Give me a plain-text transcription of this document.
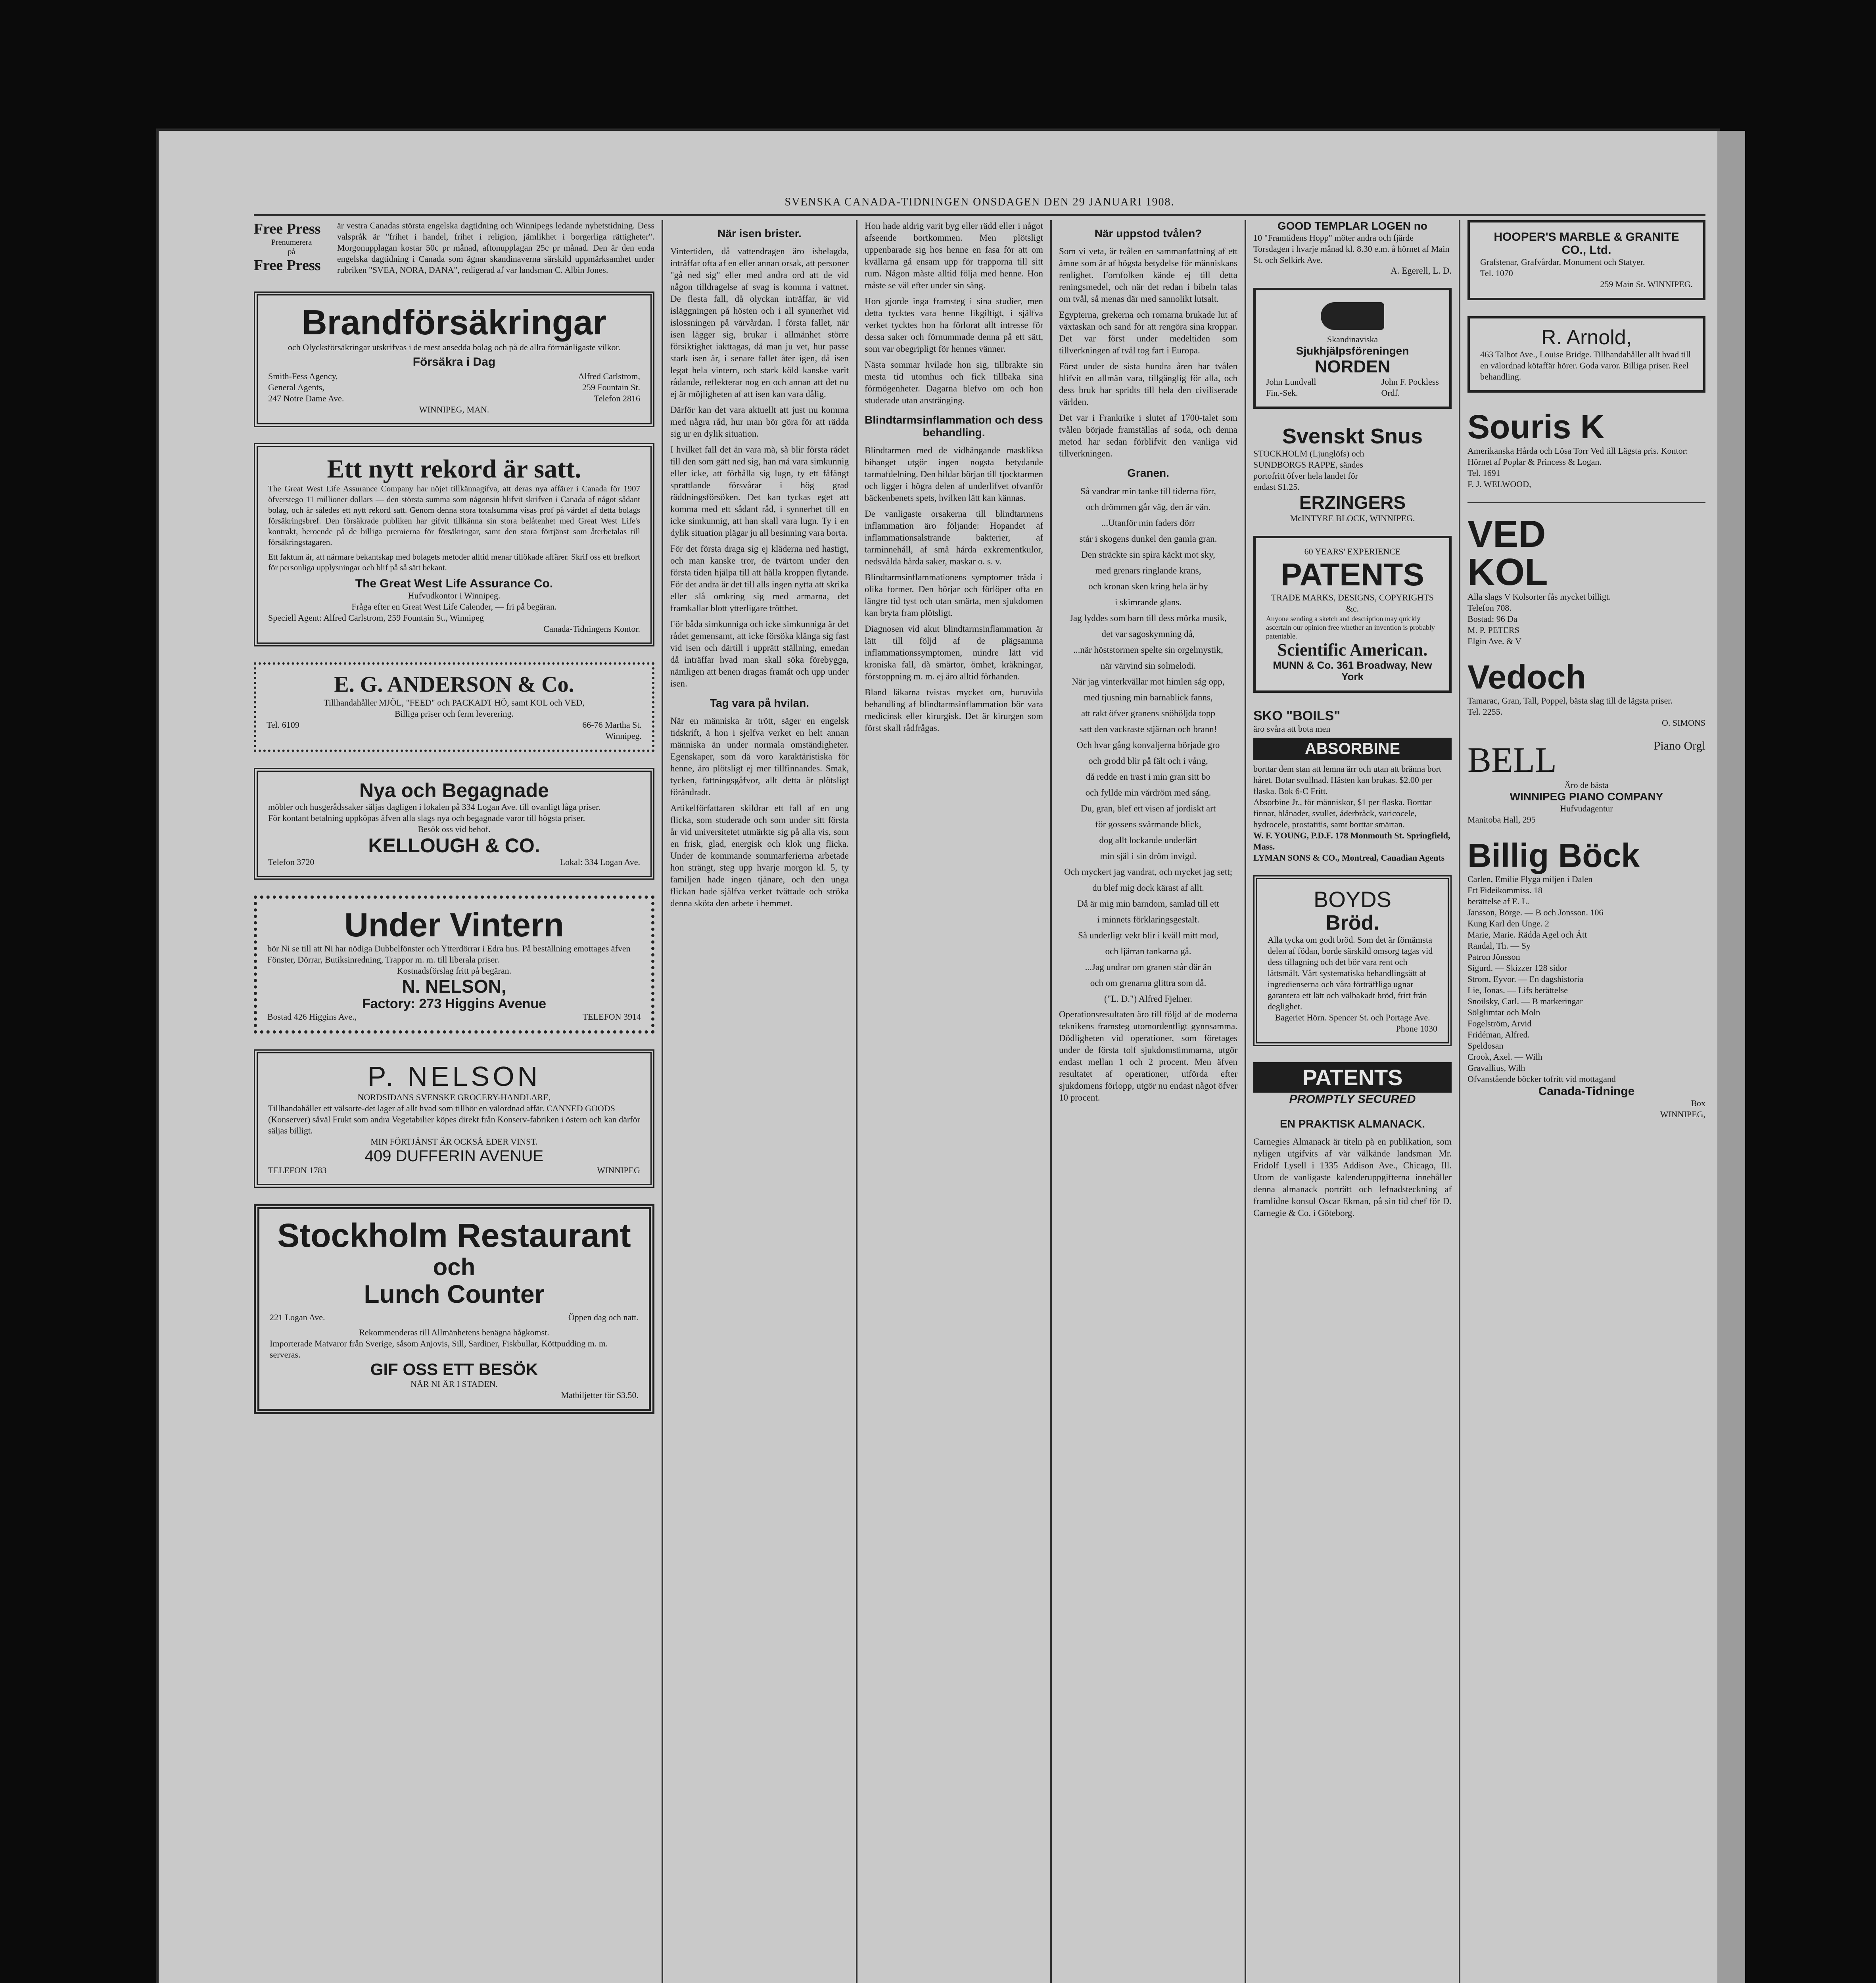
SVENSKA CANADA-TIDNINGEN ONSDAGEN DEN 29 JANUARI 1908.
Free Press
Prenumerera
på
Free Press
är vestra Canadas största engelska dagtidning och Winnipegs ledande nyhetstidning. Dess valspråk är "frihet i handel, frihet i religion, jämlikhet i borgerliga rättigheter". Morgonupplagan kostar 50c pr månad, aftonupplagan 25c pr månad. Den är den enda engelska dagtidning i Canada som ägnar skandinaverna särskild uppmärksamhet under rubriken "SVEA, NORA, DANA", redigerad af var landsman C. Albin Jones.
Brandförsäkringar
och Olycksförsäkringar utskrifvas i de mest ansedda bolag och på de allra förmånligaste vilkor.
Försäkra i Dag
Smith-Fess Agency,
General Agents,
247 Notre Dame Ave.
Alfred Carlstrom,
259 Fountain St.
Telefon 2816
WINNIPEG, MAN.
Ett nytt rekord är satt.

The Great West Life Assurance Company har nöjet tillkännagifva, att deras nya affärer i Canada för 1907 öfverstego 11 millioner dollars — den största summa som någonsin blifvit skrifven i Canada af något sådant bolag, och är således ett nytt rekord satt. Genom denna stora totalsumma visas prof på värdet af detta bolags försäkringsbref. Den försäkrade publiken har gifvit tillkänna sin stora belåtenhet med Great West Life's kontrakt, beroende på de billiga premierna för försäkringar, samt den stora förtjänst som återbetalas till försäkringstagaren.

Ett faktum är, att närmare bekantskap med bolagets metoder alltid menar tillökade affärer. Skrif oss ett brefkort för personliga upplysningar och blif på så sätt bekant.

The Great West Life Assurance Co.
Hufvudkontor i Winnipeg.
Fråga efter en Great West Life Calender, — fri på begäran.
Speciell Agent: Alfred Carlstrom, 259 Fountain St., Winnipeg
Canada-Tidningens Kontor.
E. G. ANDERSON & Co.
Tillhandahåller MJÖL, "FEED" och PACKADT HÖ, samt KOL och VED,
Billiga priser och ferm leverering.
Tel. 6109	66-76 Martha St.
Winnipeg.
Nya och Begagnade
möbler och husgerådssaker säljas dagligen i lokalen på 334 Logan Ave. till ovanligt låga priser.
För kontant betalning uppköpas äfven alla slags nya och begagnade varor till högsta priser.
Besök oss vid behof.
KELLOUGH & CO.
Telefon 3720	Lokal: 334 Logan Ave.
Under Vintern
bör Ni se till att Ni har nödiga Dubbelfönster och Ytterdörrar i Edra hus. På beställning emottages äfven Fönster, Dörrar, Butiksinredning, Trappor m. m. till liberala priser.
Kostnadsförslag fritt på begäran.
N. NELSON,
Factory: 273 Higgins Avenue
Bostad 426 Higgins Ave.,	TELEFON 3914
P. NELSON
NORDSIDANS SVENSKE GROCERY-HANDLARE,
Tillhandahåller ett välsorte-det lager af allt hvad som tillhör en välordnad affär. CANNED GOODS (Konserver) såväl Frukt som andra Vegetabilier köpes direkt från Konserv-fabriken i östern och kan därför säljas billigt.
MIN FÖRTJÄNST ÄR OCKSÅ EDER VINST.
409 DUFFERIN AVENUE
TELEFON 1783	WINNIPEG
Stockholm Restaurant
och
Lunch Counter
221 Logan Ave.	Öppen dag och natt.
Rekommenderas till Allmänhetens benägna hågkomst.
Importerade Matvaror från Sverige, såsom Anjovis, Sill, Sardiner, Fiskbullar, Köttpudding m. m. serveras.
GIF OSS ETT BESÖK
NÄR NI ÄR I STADEN.
Matbiljetter för $3.50.
När isen brister.

Vintertiden, då vattendragen äro isbelagda, inträffar ofta af en eller annan orsak, att personer "gå ned sig" eller med andra ord att de vid någon tilldragelse af svag is komma i vattnet. De flesta fall, då olyckan inträffar, är vid isläggningen på hösten och i all synnerhet vid islossningen på vårvårdan. I första fallet, när isen lägger sig, brukar i allmänhet större försiktighet iakttagas, då man ju vet, hur passe stark isen är, i senare fallet åter igen, då isen legat hela vintern, och stark köld kanske varit rådande, reflekterar nog en och annan att det nu ej är möjligheten af att isen kan vara dålig.

Därför kan det vara aktuellt att just nu komma med några råd, hur man bör göra för att rädda sig ur en dylik situation.

I hvilket fall det än vara må, så blir första rådet till den som gått ned sig, han må vara simkunnig eller icke, att förhålla sig lugn, ty ett fåfängt sprattlande försvårar i hög grad räddningsförsöken. Det kan tyckas eget att komma med ett sådant råd, i synnerhet till en icke simkunnig, att han skall vara lugn. Ty i en dylik situation plägar ju all besinning vara borta.

För det första draga sig ej kläderna ned hastigt, och man kanske tror, de tvärtom under den första tiden hjälpa till att hålla kroppen flytande. För det andra är det till alls ingen nytta att skrika eller slå omkring sig med armarna, det framkallar blott ytterligare trötthet.

För båda simkunniga och icke simkunniga är det rådet gemensamt, att icke försöka klänga sig fast vid isen och därtill i upprätt ställning, emedan då inträffar hvad man skall söka förebygga, nämligen att benen dragas framåt och upp under isen.

Tag vara på hvilan.

När en människa är trött, säger en engelsk tidskrift, ä hon i sjelfva verket en helt annan människa än under normala omständigheter. Egenskaper, som då voro karaktäristiska för henne, äro plötsligt ej mer tillfinnandes. Smak, tycken, fattningsgåfvor, allt detta är plötsligt förändradt.

Artikelförfattaren skildrar ett fall af en ung flicka, som studerade och som under sitt första år vid universitetet utmärkte sig på alla vis, som en frisk, glad, energisk och klok ung flicka. Under de kommande sommarferierna arbetade hon strängt, steg upp hvarje morgon kl. 5, ty familjen hade ingen tjänare, och den unga flickan hade själfva verket tvättade och ströka denna sköta den arbete i hemmet.

Hon hade aldrig varit byg eller rädd eller i något afseende bortkommen. Men plötsligt uppenbarade sig hos henne en fasa för att om kvällarna gå ensam upp för trapporna till sitt rum. Någon måste alltid följa med henne. Hon måste se väl efter under sin säng.

Hon gjorde inga framsteg i sina studier, men detta tycktes vara henne likgiltigt, i själfva verket tycktes hon ha förlorat allt intresse för dessa saker och förnummade denna på ett sätt, som var obegripligt för hennes vänner.

Nästa sommar hvilade hon sig, tillbrakte sin mesta tid utomhus och fick tillbaka sina förmögenheter. Dagarna blefvo om och hon studerade utan anstränging.

Blindtarmsinflammation och dess behandling.

Blindtarmen med de vidhängande maskliksa bihanget utgör ingen nogsta betydande tarmafdelning. Den bildar början till tjocktarmen och ligger i högra delen af underlifvet ofvanför bäckenbenets spets, hvilken lätt kan kännas.

De vanligaste orsakerna till blindtarmens inflammation äro följande: Hopandet af inflammationsalstrande bakterier, af tarminnehåll, af små hårda exkrementkulor, nedsvälda hårda saker, maskar o. s. v.

Blindtarmsinflammationens symptomer träda i olika former. Den börjar och förlöper ofta en längre tid tyst och utan smärta, men sjukdomen kan bryta fram plötsligt.

Diagnosen vid akut blindtarmsinflammation är lätt till följd af de plägsamma inflammationssymptomen, mindre lätt vid kroniska fall, då smärtor, ömhet, kräkningar, förstoppning m. m. ej äro alltid förhanden.

Bland läkarna tvistas mycket om, huruvida behandling af blindtarmsinflammation bör vara medicinsk eller kirurgisk. Det är kirurgen som först skall rådfrågas.

När uppstod tvålen?

Som vi veta, är tvålen en sammanfattning af ett ämne som är af högsta betydelse för människans renlighet. Fornfolken kände ej till detta reningsmedel, och när det redan i bibeln talas om tvål, så menas där med sannolikt lutsalt.

Egypterna, grekerna och romarna brukade lut af växtaskan och sand för att rengöra sina kroppar. Det var först under medeltiden som tillverkningen af tvål tog fart i Europa.

Först under de sista hundra åren har tvålen blifvit en allmän vara, tillgänglig för alla, och dess bruk har spridts till hela den civiliserade världen.

Det var i Frankrike i slutet af 1700-talet som tvålen började framställas af soda, och denna metod har sedan förblifvit den vanliga vid tillverkningen.

Granen.

Så vandrar min tanke till tiderna förr,

och drömmen går väg, den är vän.

...Utanför min faders dörr

står i skogens dunkel den gamla gran.

Den sträckte sin spira käckt mot sky,

med grenars ringlande krans,

och kronan sken kring hela är by

i skimrande glans.

Jag lyddes som barn till dess mörka musik,

det var sagoskymning då,

...när höststormen spelte sin orgelmystik,

när värvind sin solmelodi.

När jag vinterkvällar mot himlen såg opp,

med tjusning min barnablick fanns,

att rakt öfver granens snöhöljda topp

satt den vackraste stjärnan och brann!

Och hvar gång konvaljerna började gro

och grodd blir på fält och i vång,

då redde en trast i min gran sitt bo

och fyllde min vårdröm med sång.

Du, gran, blef ett visen af jordiskt art

för gossens svärmande blick,

dog allt lockande underlärt

min själ i sin dröm invigd.

Och myckert jag vandrat, och mycket jag sett;

du blef mig dock kärast af allt.

Då är mig min barndom, samlad till ett

i minnets förklaringsgestalt.

Så underligt vekt blir i kväll mitt mod,

och ljärran tankarna gå.

...Jag undrar om granen står där än

och om grenarna glittra som då.

("L. D.") Alfred Fjelner.

Operationsresultaten äro till följd af de moderna teknikens framsteg utomordentligt gynnsamma. Dödligheten vid operationer, som företages under de första tolf sjukdomstimmarna, utgör endast mellan 1 och 2 procent. Men äfven resultatet af operationer, utförda efter sjukdomens förlopp, utgör nu endast något öfver 10 procent.

GOOD TEMPLAR LOGEN no
10 "Framtidens Hopp" möter andra och fjärde Torsdagen i hvarje månad kl. 8.30 e.m. å hörnet af Main St. och Selkirk Ave.
A. Egerell, L. D.
Skandinaviska
Sjukhjälpsföreningen
NORDEN
John Lundvall
Fin.-Sek.
John F. Pockless
Ordf.
Svenskt Snus
STOCKHOLM (Ljunglöfs) och
SUNDBORGS RAPPE, sändes
portofritt öfver hela landet för
endast $1.25.
ERZINGERS
McINTYRE BLOCK, WINNIPEG.
60 YEARS' EXPERIENCE
PATENTS
TRADE MARKS, DESIGNS, COPYRIGHTS &c.
Anyone sending a sketch and description may quickly ascertain our opinion free whether an invention is probably patentable.
Scientific American.
MUNN & Co. 361 Broadway, New York
SKO "BOILS"
äro svåra att bota men
ABSORBINE
borttar dem stan att lemna ärr och utan att bränna bort håret. Botar svullnad. Hästen kan brukas. $2.00 per flaska. Bok 6-C Fritt.
Absorbine Jr., för människor, $1 per flaska. Borttar finnar, blånader, svullet, åderbråck, varicocele, hydrocele, prostatitis, samt borttar smärtan.
W. F. YOUNG, P.D.F. 178 Monmouth St. Springfield, Mass.
LYMAN SONS & CO., Montreal, Canadian Agents
BOYDS
Bröd.
Alla tycka om godt bröd. Som det är förnämsta delen af födan, borde särskild omsorg tagas vid dess tillagning och det bör vara rent och lättsmält. Vårt systematiska behandlingsätt af ingredienserna och våra förträffliga ugnar garantera ett lätt och välbakadt bröd, fritt från deglighet.
Bageriet Hörn. Spencer St. och Portage Ave.
Phone 1030
PATENTS
PROMPTLY SECURED
EN PRAKTISK ALMANACK.

Carnegies Almanack är titeln på en publikation, som nyligen utgifvits af vår välkände landsman Mr. Fridolf Lysell i 1335 Addison Ave., Chicago, Ill. Utom de vanligaste kalenderuppgifterna innehåller denna almanack porträtt och lefnadsteckning af framlidne konsul Oscar Ekman, på sin tid chef för D. Carnegie & Co. i Göteborg.

HOOPER'S MARBLE & GRANITE CO., Ltd.
Grafstenar, Grafvårdar, Monument och Statyer.
Tel. 1070
259 Main St. WINNIPEG.
R. Arnold,
463 Talbot Ave., Louise Bridge. Tillhandahåller allt hvad till en välordnad kötaffär hörer. Goda varor. Billiga priser. Reel behandling.
Souris K
Amerikanska Hårda och Lösa Torr Ved till Lägsta pris. Kontor: Hörnet af Poplar & Princess & Logan.
Tel. 1691
F. J. WELWOOD,
VED KOL
Alla slags V Kolsorter fås mycket billigt.
Telefon 708.
Bostad: 96 Da
M. P. PETERS
Elgin Ave. & V
Vedoch
Tamarac, Gran, Tall, Poppel, bästa slag till de lägsta priser.
Tel. 2255.
O. SIMONS
BELL	Piano Orgl
Äro de bästa
WINNIPEG PIANO COMPANY
Hufvudagentur
Manitoba Hall, 295
Billig Böck
Carlen, Emilie Flyga miljen i Dalen
Ett Fideikommiss. 18
berättelse af E. L.
Jansson, Börge. — B och Jonsson. 106
Kung Karl den Unge. 2
Marie, Marie. Rädda Agel och Ätt
Randal, Th. — Sy
Patron Jönsson
Sigurd. — Skizzer 128 sidor
Strom, Eyvor. — En dagshistoria
Lie, Jonas. — Lifs berättelse
Snoilsky, Carl. — B markeringar
Sölglimtar och Moln
Fogelström, Arvid
Fridéman, Alfred.
Speldosan
Crook, Axel. — Wilh
Gravallius, Wilh
Ofvanstående böcker tofritt vid mottagand
Canada-Tidninge
Box
WINNIPEG,
